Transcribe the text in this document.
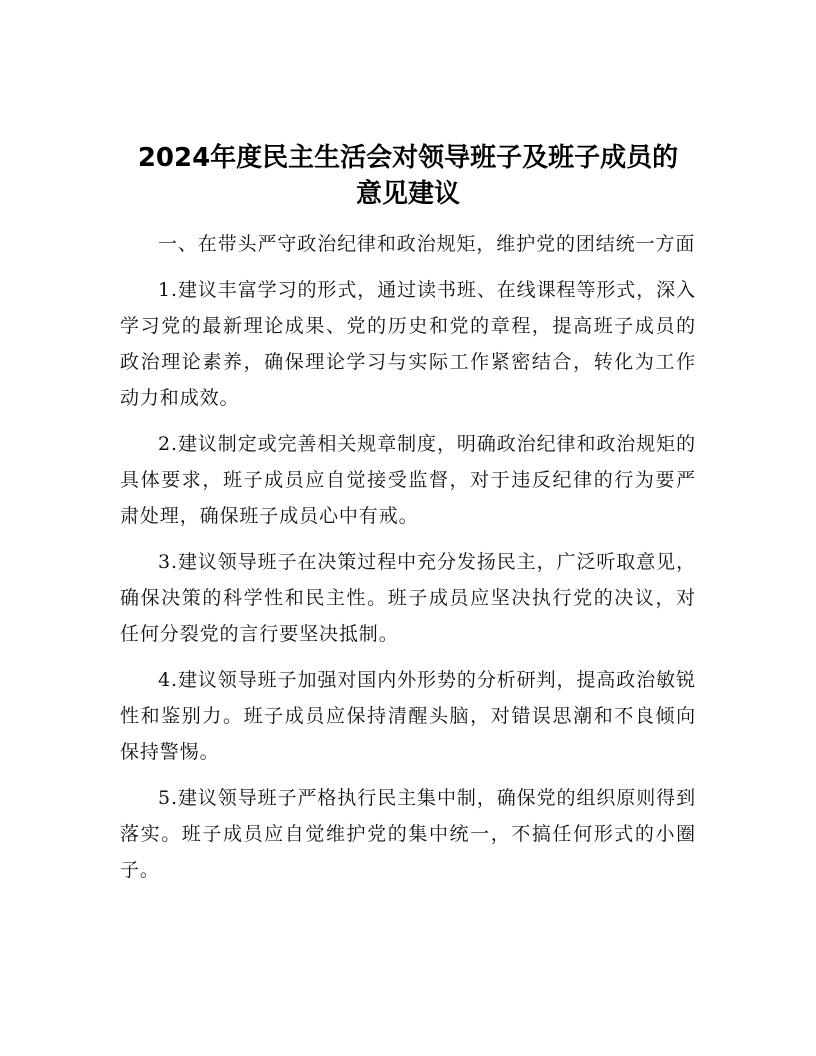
2024年度民主生活会对领导班子及班子成员的
意见建议

一、在带头严守政治纪律和政治规矩，维护党的团结统一方面

1.建议丰富学习的形式，通过读书班、在线课程等形式，深入学习党的最新理论成果、党的历史和党的章程，提高班子成员的政治理论素养，确保理论学习与实际工作紧密结合，转化为工作动力和成效。

2.建议制定或完善相关规章制度，明确政治纪律和政治规矩的具体要求，班子成员应自觉接受监督，对于违反纪律的行为要严肃处理，确保班子成员心中有戒。

3.建议领导班子在决策过程中充分发扬民主，广泛听取意见，确保决策的科学性和民主性。班子成员应坚决执行党的决议，对任何分裂党的言行要坚决抵制。

4.建议领导班子加强对国内外形势的分析研判，提高政治敏锐性和鉴别力。班子成员应保持清醒头脑，对错误思潮和不良倾向保持警惕。

5.建议领导班子严格执行民主集中制，确保党的组织原则得到落实。班子成员应自觉维护党的集中统一，不搞任何形式的小圈子。
